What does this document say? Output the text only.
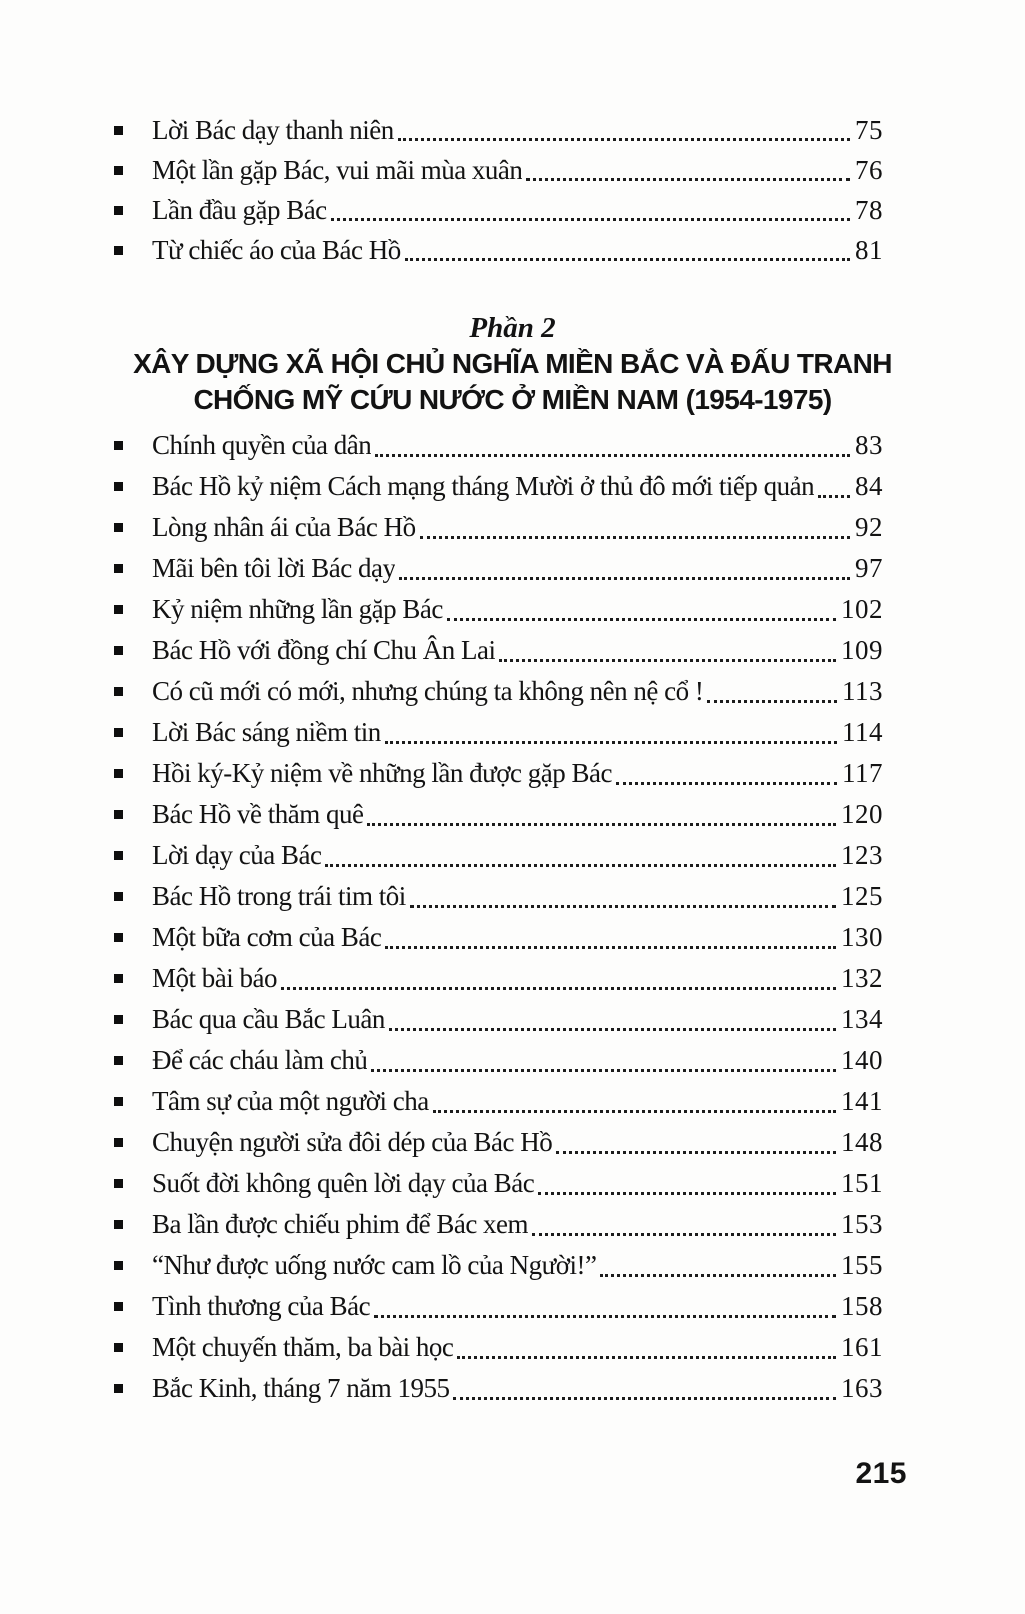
Lời Bác dạy thanh niên	75
Một lần gặp Bác, vui mãi mùa xuân	76
Lần đầu gặp Bác	78
Từ chiếc áo của Bác Hồ	81
Phần 2
XÂY DỰNG XÃ HỘI CHỦ NGHĨA MIỀN BẮC VÀ ĐẤU TRANH
CHỐNG MỸ CỨU NƯỚC Ở MIỀN NAM (1954-1975)
Chính quyền của dân	83
Bác Hồ kỷ niệm Cách mạng tháng Mười ở thủ đô mới tiếp quản 84
Lòng nhân ái của Bác Hồ	92
Mãi bên tôi lời Bác dạy	97
Kỷ niệm những lần gặp Bác	102
Bác Hồ với đồng chí Chu Ân Lai	109
Có cũ mới có mới, nhưng chúng ta không nên nệ cổ !	113
Lời Bác sáng niềm tin	114
Hồi ký-Kỷ niệm về những lần được gặp Bác	117
Bác Hồ về thăm quê	120
Lời dạy của Bác	123
Bác Hồ trong trái tim tôi	125
Một bữa cơm của Bác	130
Một bài báo	132
Bác qua cầu Bắc Luân	134
Để các cháu làm chủ	140
Tâm sự của một người cha	141
Chuyện người sửa đôi dép của Bác Hồ	148
Suốt đời không quên lời dạy của Bác	151
Ba lần được chiếu phim để Bác xem	153
“Như được uống nước cam lồ của Người!”	155
Tình thương của Bác	158
Một chuyến thăm, ba bài học	161
Bắc Kinh, tháng 7 năm 1955	163
215
